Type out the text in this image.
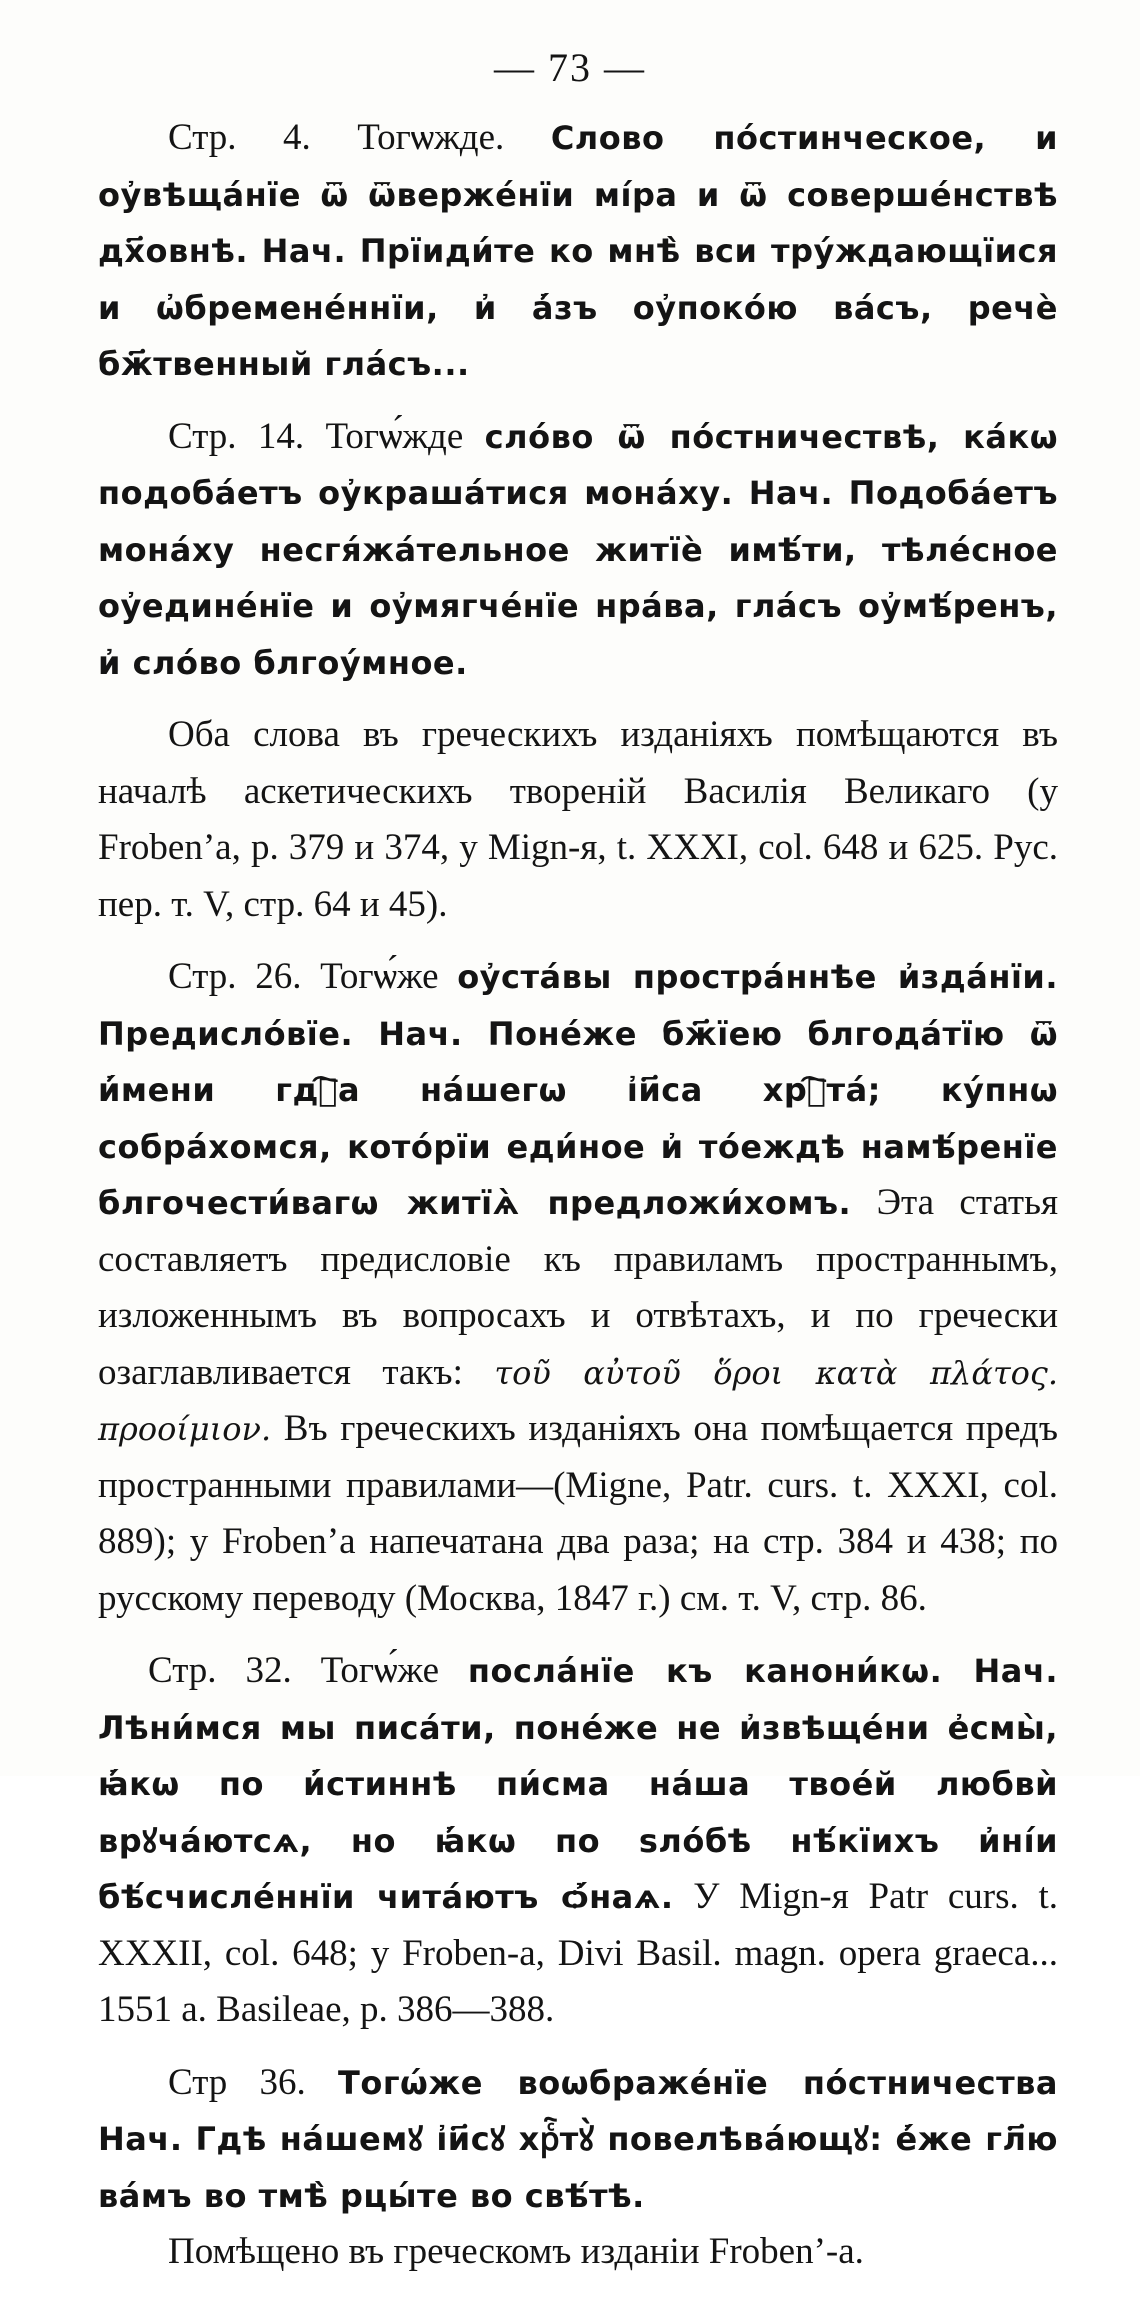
— 73 —

Стр. 4. Тогѡжде. Слово по́стинческое, и оу҆вѣща́нїе ѿ ѿверже́нїи мі́ра и ѿ соверше́нствѣ дх҃овнѣ. Нач. Прїиди́те ко мнѣ̀ вси тру́ждающїися и ѡ҆бремене́ннїи, и҆ а҆́зъ оу҆поко́ю ва́съ, речѐ бж҃твенный гла́съ...

Стр. 14. Тогѡ́жде сло́во ѿ по́стничествѣ, ка́кѡ подоба́етъ оу҆краша́тися мона́ху. Нач. Подоба́етъ мона́ху несгя́жа́тельное житїѐ имѣ́ти, тѣле́сное оу҆едине́нїе и оу҆мягче́нїе нра́ва, гла́съ оу҆мѣ́ренъ, и҆ сло́во блгоу́мное.

Оба слова въ греческихъ изданіяхъ помѣщаются въ началѣ аскетическихъ твореній Василія Великаго (у Froben’а, p. 379 и 374, у Mign-я, t. XXXI, col. 648 и 625. Рус. пер. т. V, стр. 64 и 45).

Стр. 26. Тогѡ́же оу҆ста́вы простра́ннѣе и҆зда́нїи. Предисло́вїе. Нач. Поне́же бж҃їею блгода́тїю ѿ и҆́мени гдⷭ҇а на́шегѡ і҆и҃са хрⷭ҇та́; ку́пнѡ собра́хомся, кото́рїи еди́ное и҆ то́еждѣ намѣ́ренїе блгочести́вагѡ житїѧ̀ предложи́хомъ. Эта статья составляетъ предисловіе къ правиламъ пространнымъ, изложеннымъ въ вопросахъ и отвѣтахъ, и по гречески озаглавливается такъ: τοῦ αὐτοῦ ὅροι κατὰ πλάτος. προοίμιον. Въ греческихъ изданіяхъ она помѣщается предъ пространными правилами—(Migne, Patr. curs. t. XXXI, col. 889); у Froben’а напечатана два раза; на стр. 384 и 438; по русскому переводу (Москва, 1847 г.) см. т. V, стр. 86.

Стр. 32. Тогѡ́же посла́нїе къ канони́кѡ. Нач. Лѣни́мся мы писа́ти, поне́же не и҆звѣще́ни е҆смы̀, ꙗ҆́кѡ по и҆́стиннѣ пи́сма на́ша твое́й любвѝ врꙋча́ютсѧ, но ꙗ҆́кѡ по ѕло́бѣ нѣ́кїихъ и҆ні́и бѣ́счисле́ннїи чита́ютъ ѻ҆́наѧ. У Mign-я Patr curs. t. XXXII, col. 648; у Froben-а, Divi Basil. magn. opera graeca... 1551 a. Basileae, p. 386—388.

Стр 36. Тогѡ́же воѡбраже́нїе по́стничества Нач. Гдѣ на́шемꙋ і҆и҃сꙋ хрⷭ҇тꙋ̀ повелѣва́ющꙋ: е҆́же гл҃ю ва́мъ во тмѣ̀ рцы́те во свѣ́тѣ.

Помѣщено въ греческомъ изданіи Froben’-а.
